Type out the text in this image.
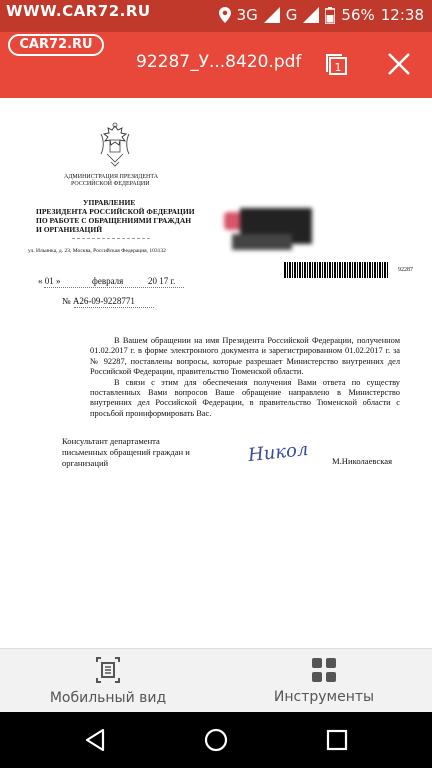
WWW.CAR72.RU	3G G	56% 12:38
CAR72.RU
92287_У...8420.pdf	1
АДМИНИСТРАЦИЯ ПРЕЗИДЕНТА
РОССИЙСКОЙ ФЕДЕРАЦИИ
УПРАВЛЕНИЕ
ПРЕЗИДЕНТА РОССИЙСКОЙ ФЕДЕРАЦИИ
ПО РАБОТЕ С ОБРАЩЕНИЯМИ ГРАЖДАН
И ОРГАНИЗАЦИЙ
ул. Ильинка, д. 23, Москва, Российская Федерация, 103132
92287
« 01 »	февраля	20 17 г.
№ А26-09-9228771

В Вашем обращении на имя Президента Российской Федерации, полученном 01.02.2017 г. в форме электронного документа и зарегистрированном 01.02.2017 г. за № 92287, поставлены вопросы, которые разрешает Министерство внутренних дел Российской Федерации, правительство Тюменской области.

В связи с этим для обеспечения получения Вами ответа по существу поставленных Вами вопросов Ваше обращение направлено в Министерство внутренних дел Российской Федерации, в правительство Тюменской области с просьбой проинформировать Вас.

Консультант департамента
письменных обращений граждан и
организаций	Никол	М.Николаевская
Мобильный вид	Инструменты
